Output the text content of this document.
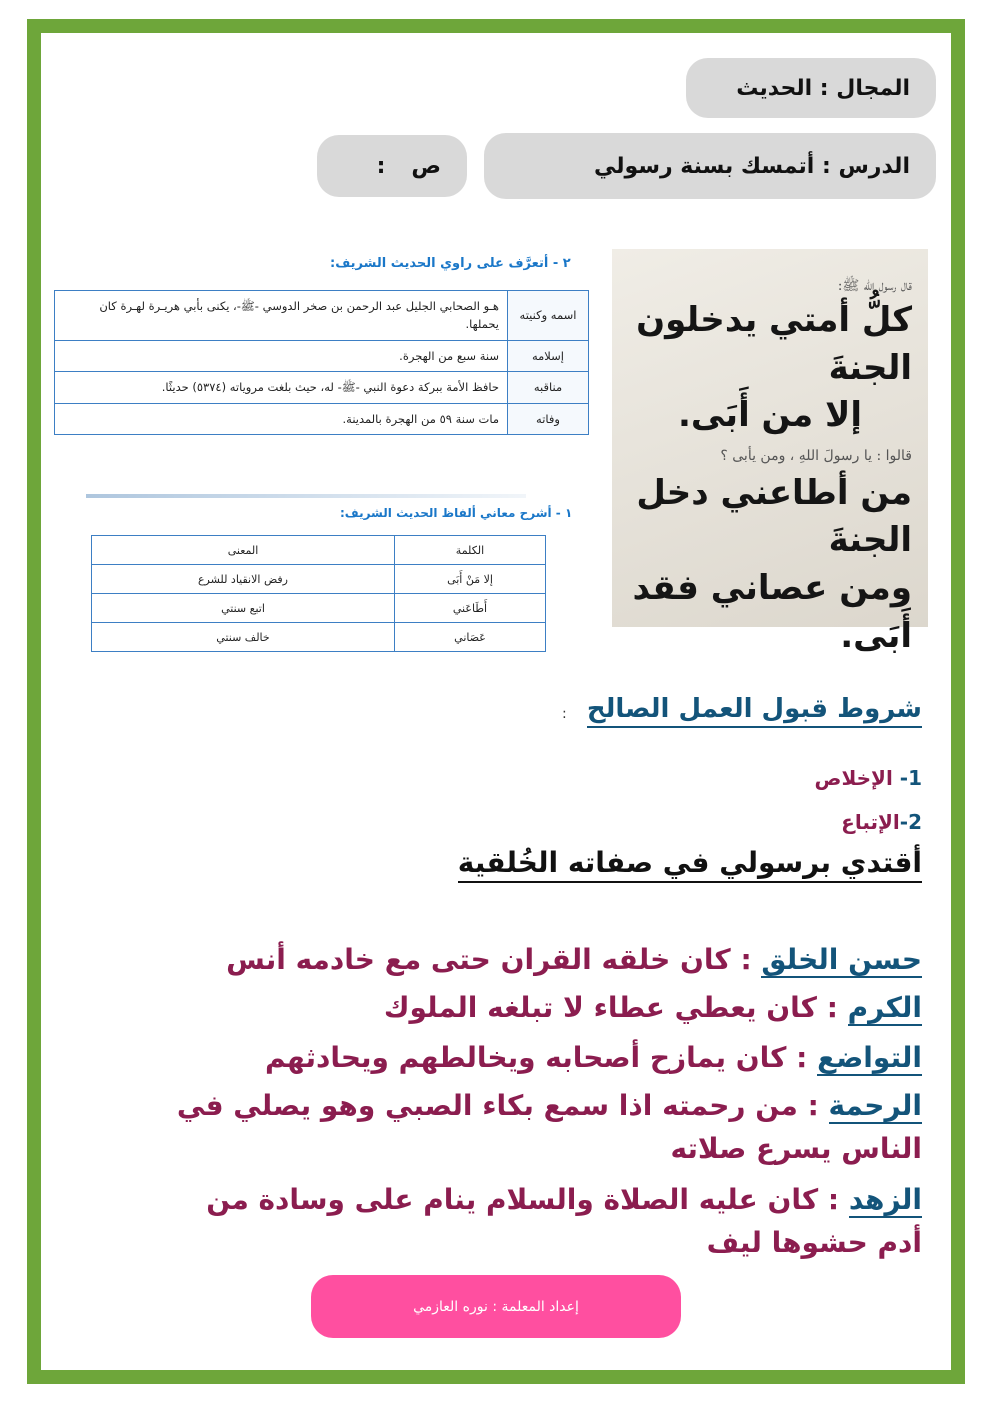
المجال : الحديث
الدرس : أتمسك بسنة رسولي
ص
:
٢ - أتعرَّف على راوي الحديث الشريف:
اسمه وكنيته	هـو الصحابي الجليل عبد الرحمن بن صخر الدوسي -ﷺ-، يكنى بأبي هريـرة لهـرة كان يحملها.
إسلامه	سنة سبع من الهجرة.
مناقبه	حافظ الأمة ببركة دعوة النبي -ﷺ- له، حيث بلغت مروياته (٥٣٧٤) حديثًا.
وفاته	مات سنة ٥٩ من الهجرة بالمدينة.
١ - أشرح معاني ألفاظ الحديث الشريف:
الكلمة	المعنى
إلا مَنْ أَبَى	رفض الانقياد للشرع
أَطَاعَني	اتبع سنتي
عَصَاني	خالف سنتي
قال رسول الله ﷺ:
كلُّ أمتي يدخلون الجنةَ
إلا من أَبَى.
قالوا : يا رسولَ اللهِ ، ومن يأبى ؟
من أطاعني دخل الجنةَ
ومن عصاني فقد أَبَى.
شروط قبول العمل الصالح
:
1- الإخلاص
2-الإتباع
أقتدي برسولي في صفاته الخُلقية
حسن الخلق : كان خلقه القران حتى مع خادمه أنس
الكرم : كان يعطي عطاء لا تبلغه الملوك
التواضع : كان يمازح أصحابه ويخالطهم ويحادثهم
الرحمة : من رحمته اذا سمع بكاء الصبي وهو يصلي في الناس يسرع صلاته
الزهد : كان عليه الصلاة والسلام ينام على وسادة من أدم حشوها ليف
إعداد المعلمة : نوره العازمي
